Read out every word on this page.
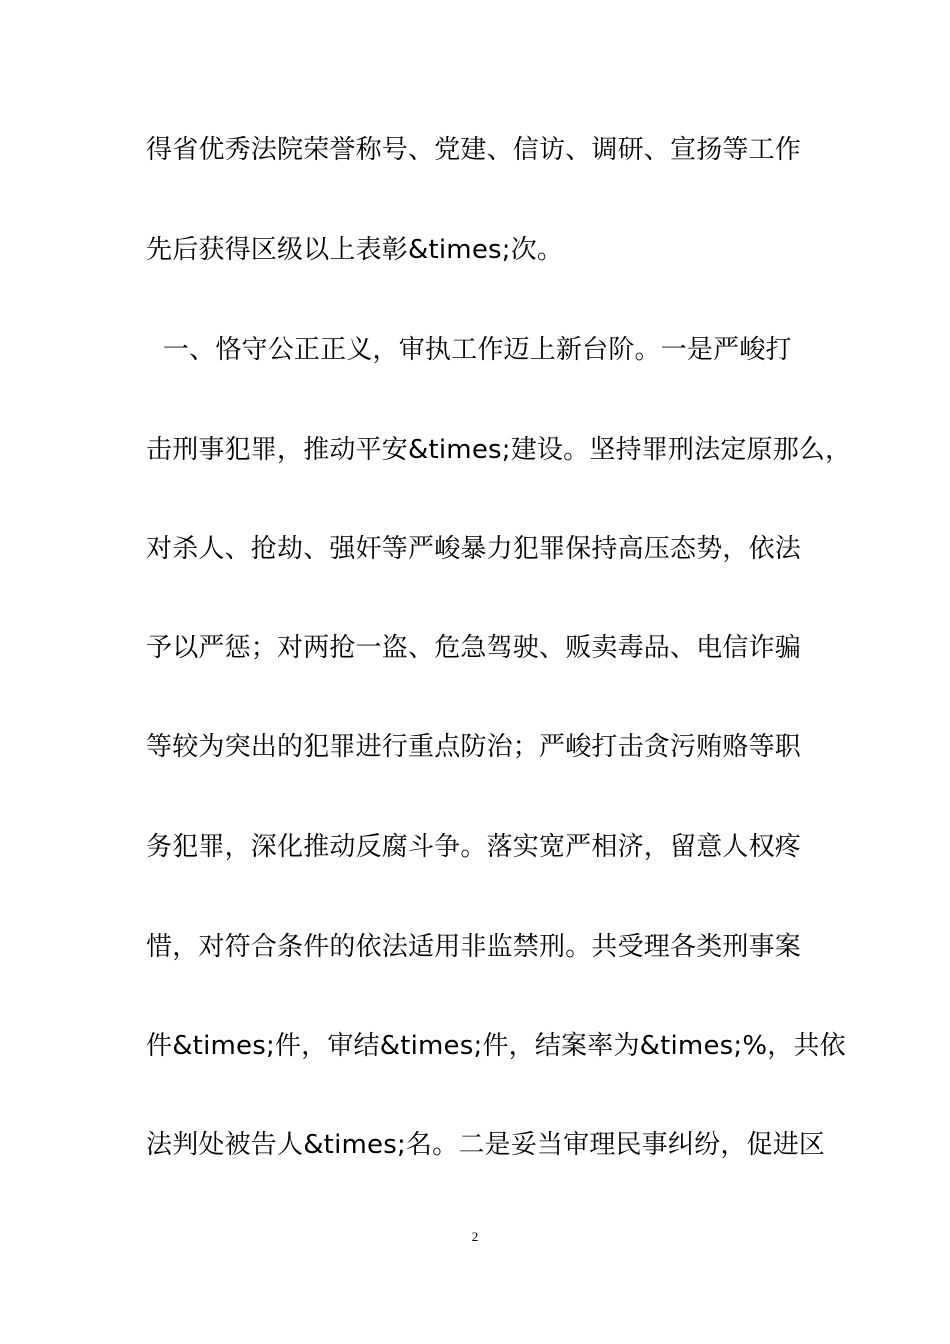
得省优秀法院荣誉称号、党建、信访、调研、宣扬等工作
先后获得区级以上表彰&times;次。
一、恪守公正正义，审执工作迈上新台阶。一是严峻打
击刑事犯罪，推动平安&times;建设。坚持罪刑法定原那么，
对杀人、抢劫、强奸等严峻暴力犯罪保持高压态势，依法
予以严惩；对两抢一盗、危急驾驶、贩卖毒品、电信诈骗
等较为突出的犯罪进行重点防治；严峻打击贪污贿赂等职
务犯罪，深化推动反腐斗争。落实宽严相济，留意人权疼
惜，对符合条件的依法适用非监禁刑。共受理各类刑事案
件&times;件，审结&times;件，结案率为&times;%，共依
法判处被告人&times;名。二是妥当审理民事纠纷，促进区
2
